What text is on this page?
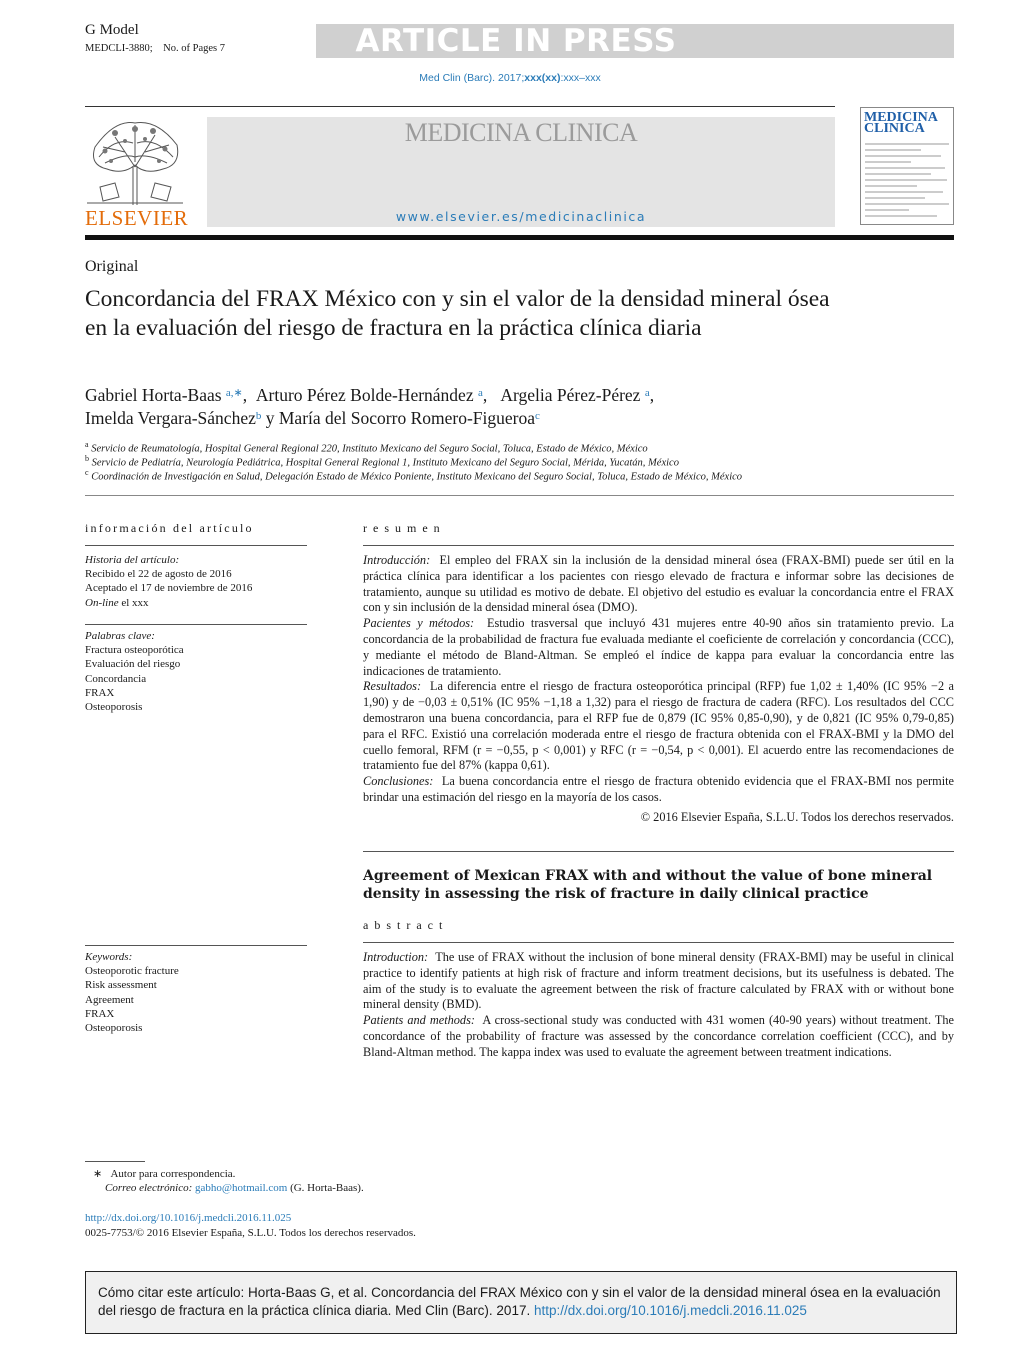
G Model
MEDCLI-3880; No. of Pages 7	ARTICLE IN PRESS
Med Clin (Barc). 2017;xxx(xx):xxx–xxx
ELSEVIER
MEDICINA CLINICA
www.elsevier.es/medicinaclinica
MEDICINA CLINICA
Original
Concordancia del FRAX México con y sin el valor de la densidad mineral ósea en la evaluación del riesgo de fractura en la práctica clínica diaria
Gabriel Horta-Baas $^{a,∗}$,  Arturo Pérez Bolde-Hernández $^a$,   Argelia Pérez-Pérez $^a$,
Imelda Vergara-Sánchez$^b$ y María del Socorro Romero-Figueroa$^c$
$^a$ Servicio de Reumatología, Hospital General Regional 220, Instituto Mexicano del Seguro Social, Toluca, Estado de México, México
$^b$ Servicio de Pediatría, Neurología Pediátrica, Hospital General Regional 1, Instituto Mexicano del Seguro Social, Mérida, Yucatán, México
$^c$ Coordinación de Investigación en Salud, Delegación Estado de México Poniente, Instituto Mexicano del Seguro Social, Toluca, Estado de México, México
información del artículo
Historia del artículo:
Recibido el 22 de agosto de 2016
Aceptado el 17 de noviembre de 2016
On-line el xxx
Palabras clave:
Fractura osteoporótica
Evaluación del riesgo
Concordancia
FRAX
Osteoporosis
Keywords:
Osteoporotic fracture
Risk assessment
Agreement
FRAX
Osteoporosis
resumen

Introducción: El empleo del FRAX sin la inclusión de la densidad mineral ósea (FRAX-BMI) puede ser útil en la práctica clínica para identificar a los pacientes con riesgo elevado de fractura e informar sobre las decisiones de tratamiento, aunque su utilidad es motivo de debate. El objetivo del estudio es evaluar la concordancia entre el FRAX con y sin inclusión de la densidad mineral ósea (DMO).

Pacientes y métodos: Estudio trasversal que incluyó 431 mujeres entre 40-90 años sin tratamiento previo. La concordancia de la probabilidad de fractura fue evaluada mediante el coeficiente de correlación y concordancia (CCC), y mediante el método de Bland-Altman. Se empleó el índice de kappa para evaluar la concordancia entre las indicaciones de tratamiento.

Resultados: La diferencia entre el riesgo de fractura osteoporótica principal (RFP) fue 1,02 ± 1,40% (IC 95% −2 a 1,90) y de −0,03 ± 0,51% (IC 95% −1,18 a 1,32) para el riesgo de fractura de cadera (RFC). Los resultados del CCC demostraron una buena concordancia, para el RFP fue de 0,879 (IC 95% 0,85-0,90), y de 0,821 (IC 95% 0,79-0,85) para el RFC. Existió una correlación moderada entre el riesgo de fractura obtenida con el FRAX-BMI y la DMO del cuello femoral, RFM (r = −0,55, p < 0,001) y RFC (r = −0,54, p < 0,001). El acuerdo entre las recomendaciones de tratamiento fue del 87% (kappa 0,61).

Conclusiones: La buena concordancia entre el riesgo de fractura obtenido evidencia que el FRAX-BMI nos permite brindar una estimación del riesgo en la mayoría de los casos.

© 2016 Elsevier España, S.L.U. Todos los derechos reservados.
Agreement of Mexican FRAX with and without the value of bone mineral density in assessing the risk of fracture in daily clinical practice
abstract

Introduction: The use of FRAX without the inclusion of bone mineral density (FRAX-BMI) may be useful in clinical practice to identify patients at high risk of fracture and inform treatment decisions, but its usefulness is debated. The aim of the study is to evaluate the agreement between the risk of fracture calculated by FRAX with or without bone mineral density (BMD).

Patients and methods: A cross-sectional study was conducted with 431 women (40-90 years) without treatment. The concordance of the probability of fracture was assessed by the concordance correlation coefficient (CCC), and by Bland-Altman method. The kappa index was used to evaluate the agreement between treatment indications.

∗ Autor para correspondencia.
Correo electrónico: gabho@hotmail.com (G. Horta-Baas).
http://dx.doi.org/10.1016/j.medcli.2016.11.025
0025-7753/© 2016 Elsevier España, S.L.U. Todos los derechos reservados.
Cómo citar este artículo: Horta-Baas G, et al. Concordancia del FRAX México con y sin el valor de la densidad mineral ósea en la evaluación del riesgo de fractura en la práctica clínica diaria. Med Clin (Barc). 2017. http://dx.doi.org/10.1016/j.medcli.2016.11.025
